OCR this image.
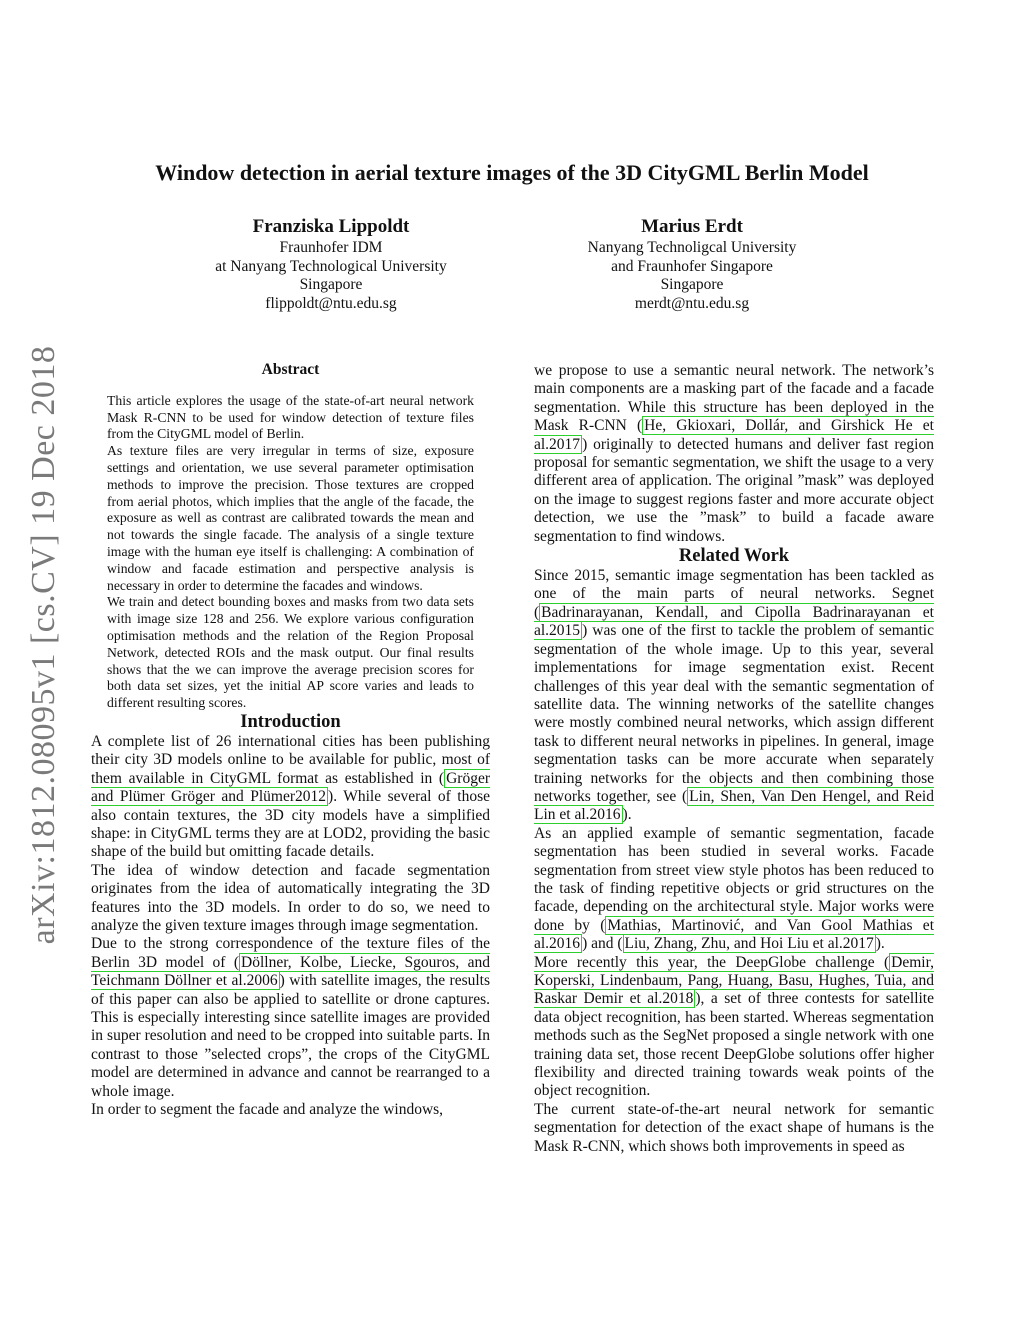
arXiv:1812.08095v1 [cs.CV] 19 Dec 2018
Window detection in aerial texture images of the 3D CityGML Berlin Model
Franziska Lippoldt
Fraunhofer IDM
at Nanyang Technological University
Singapore
flippoldt@ntu.edu.sg
Marius Erdt
Nanyang Technoligcal University
and Fraunhofer Singapore
Singapore
merdt@ntu.edu.sg
Abstract

This article explores the usage of the state-of-art neural network Mask R-CNN to be used for window detection of texture files from the CityGML model of Berlin.

As texture files are very irregular in terms of size, exposure settings and orientation, we use several parameter optimisation methods to improve the precision. Those textures are cropped from aerial photos, which implies that the angle of the facade, the exposure as well as contrast are calibrated towards the mean and not towards the single facade. The analysis of a single texture image with the human eye itself is challenging: A combination of window and facade estimation and perspective analysis is necessary in order to determine the facades and windows.

We train and detect bounding boxes and masks from two data sets with image size 128 and 256. We explore various configuration optimisation methods and the relation of the Region Proposal Network, detected ROIs and the mask output. Our final results shows that the we can improve the average precision scores for both data set sizes, yet the initial AP score varies and leads to different resulting scores.

Introduction

A complete list of 26 international cities has been publishing their city 3D models online to be available for public, most of them available in CityGML format as established in ( Gröger and Plümer Gröger and Plümer2012 ). While several of those also contain textures, the 3D city models have a simplified shape: in CityGML terms they are at LOD2, providing the basic shape of the build but omitting facade details.

The idea of window detection and facade segmentation originates from the idea of automatically integrating the 3D features into the 3D models. In order to do so, we need to analyze the given texture images through image segmentation.

Due to the strong correspondence of the texture files of the Berlin 3D model of ( Döllner, Kolbe, Liecke, Sgouros, and Teichmann Döllner et al.2006 ) with satellite images, the results of this paper can also be applied to satellite or drone captures. This is especially interesting since satellite images are provided in super resolution and need to be cropped into suitable parts. In contrast to those ”selected crops”, the crops of the CityGML model are determined in advance and cannot be rearranged to a whole image.

In order to segment the facade and analyze the windows,

we propose to use a semantic neural network. The network’s main components are a masking part of the facade and a facade segmentation. While this structure has been deployed in the Mask R-CNN ( He, Gkioxari, Dollár, and Girshick He et al.2017 ) originally to detected humans and deliver fast region proposal for semantic segmentation, we shift the usage to a very different area of application. The original ”mask” was deployed on the image to suggest regions faster and more accurate object detection, we use the ”mask” to build a facade aware segmentation to find windows.

Related Work

Since 2015, semantic image segmentation has been tackled as one of the main parts of neural networks. Segnet ( Badrinarayanan, Kendall, and Cipolla Badrinarayanan et al.2015 ) was one of the first to tackle the problem of semantic segmentation of the whole image. Up to this year, several implementations for image segmentation exist. Recent challenges of this year deal with the semantic segmentation of satellite data. The winning networks of the satellite changes were mostly combined neural networks, which assign different task to different neural networks in pipelines. In general, image segmentation tasks can be more accurate when separately training networks for the objects and then combining those networks together, see ( Lin, Shen, Van Den Hengel, and Reid Lin et al.2016 ).

As an applied example of semantic segmentation, facade segmentation has been studied in several works. Facade segmentation from street view style photos has been reduced to the task of finding repetitive objects or grid structures on the facade, depending on the architectural style. Major works were done by ( Mathias, Martinović, and Van Gool Mathias et al.2016 ) and ( Liu, Zhang, Zhu, and Hoi Liu et al.2017 ).

More recently this year, the DeepGlobe challenge ( Demir, Koperski, Lindenbaum, Pang, Huang, Basu, Hughes, Tuia, and Raskar Demir et al.2018 ), a set of three contests for satellite data object recognition, has been started. Whereas segmentation methods such as the SegNet proposed a single network with one training data set, those recent DeepGlobe solutions offer higher flexibility and directed training towards weak points of the object recognition.

The current state-of-the-art neural network for semantic segmentation for detection of the exact shape of humans is the Mask R-CNN, which shows both improvements in speed as
